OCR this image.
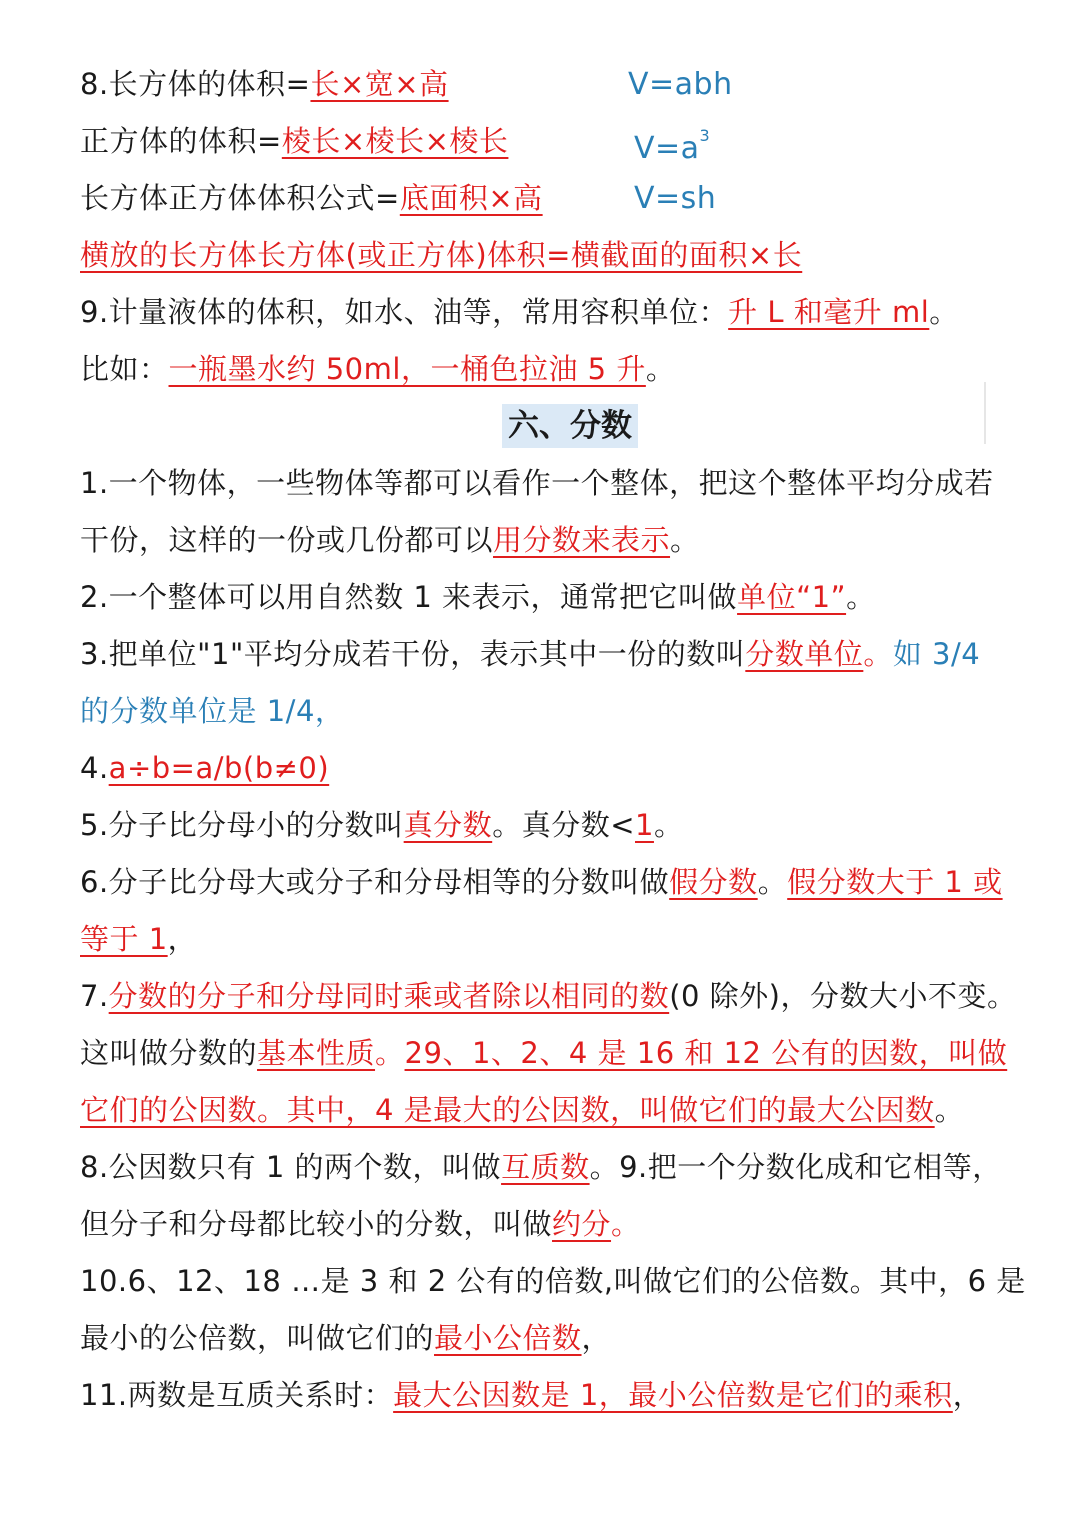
8.长方体的体积=长×宽×高	V=abh
正方体的体积=棱长×棱长×棱长	$V=a^3$
长方体正方体体积公式=底面积×高	V=sh
横放的长方体长方体(或正方体)体积=横截面的面积×长
9.计量液体的体积，如水、油等，常用容积单位：升 L 和毫升 ml。
比如：一瓶墨水约 50ml，一桶色拉油 5 升。
六、分数
1.一个物体，一些物体等都可以看作一个整体，把这个整体平均分成若
干份，这样的一份或几份都可以用分数来表示。
2.一个整体可以用自然数 1 来表示，通常把它叫做单位“1”。
3.把单位"1"平均分成若干份，表示其中一份的数叫分数单位。如 3/4
的分数单位是 1/4，
4.a÷b=a/b(b≠0)
5.分子比分母小的分数叫真分数。真分数<1。
6.分子比分母大或分子和分母相等的分数叫做假分数。假分数大于 1 或
等于 1，
7.分数的分子和分母同时乘或者除以相同的数(0 除外)，分数大小不变。
这叫做分数的基本性质。29、1、2、4 是 16 和 12 公有的因数，叫做
它们的公因数。其中，4 是最大的公因数，叫做它们的最大公因数。
8.公因数只有 1 的两个数，叫做互质数。9.把一个分数化成和它相等，
但分子和分母都比较小的分数，叫做约分。
10.6、12、18 …是 3 和 2 公有的倍数,叫做它们的公倍数。其中，6 是
最小的公倍数，叫做它们的最小公倍数，
11.两数是互质关系时：最大公因数是 1，最小公倍数是它们的乘积，
